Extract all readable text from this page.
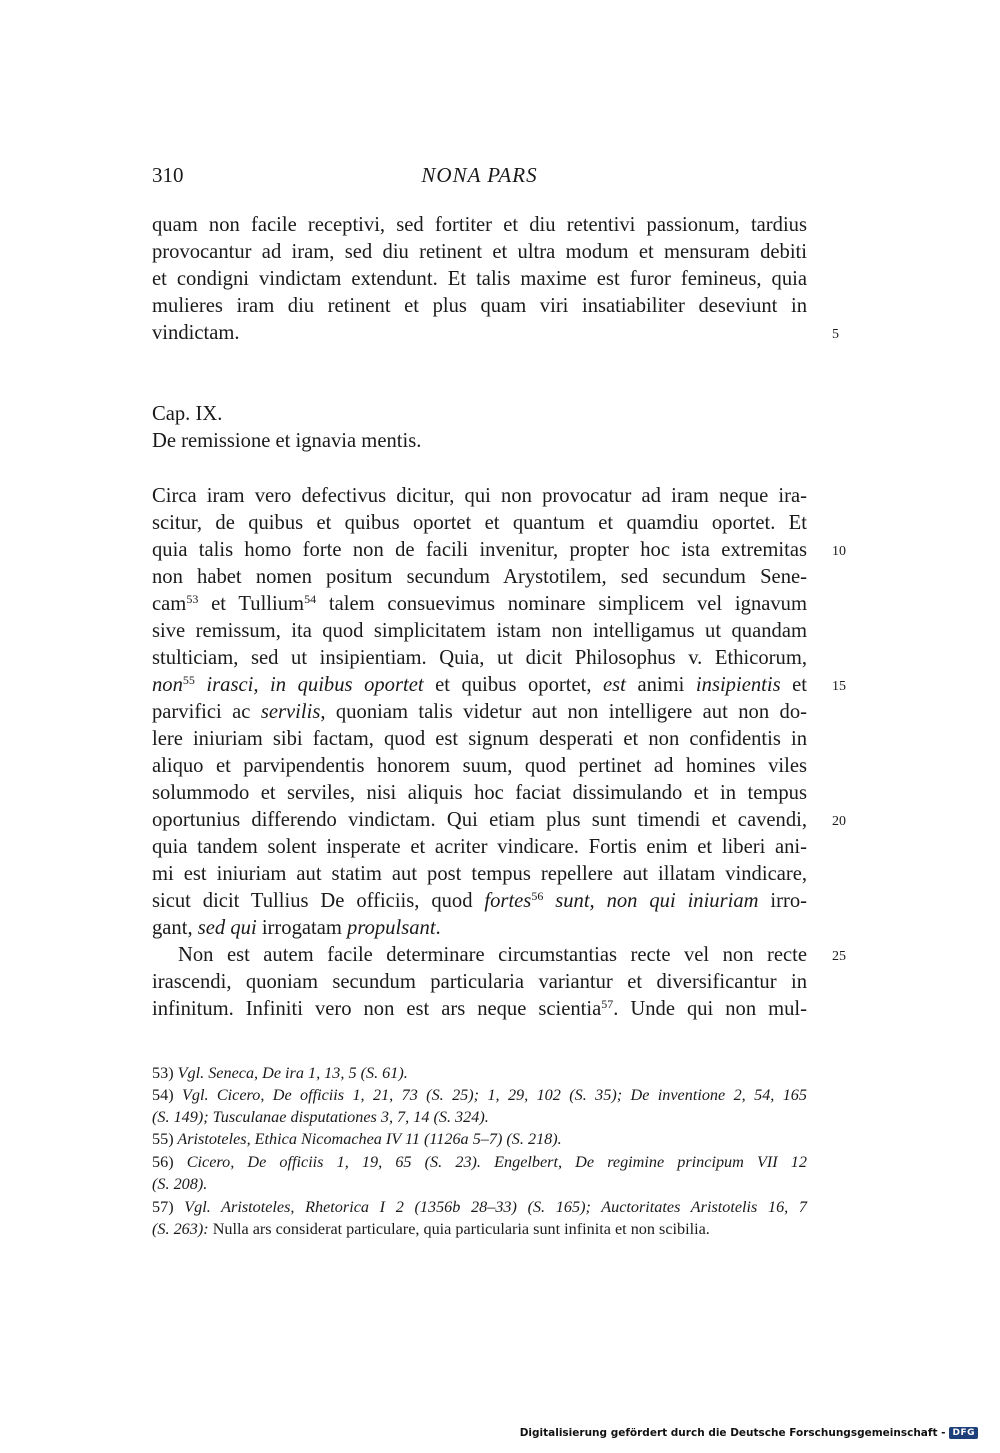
310	NONA PARS
quam non facile receptivi, sed fortiter et diu retentivi passionum, tardius
provocantur ad iram, sed diu retinent et ultra modum et mensuram debiti
et condigni vindictam extendunt. Et talis maxime est furor femineus, quia
mulieres iram diu retinent et plus quam viri insatiabiliter deseviunt in
vindictam.
Cap. IX.
De remissione et ignavia mentis.
Circa iram vero defectivus dicitur, qui non provocatur ad iram neque ira-
scitur, de quibus et quibus oportet et quantum et quamdiu oportet. Et
quia talis homo forte non de facili invenitur, propter hoc ista extremitas
non habet nomen positum secundum Arystotilem, sed secundum Sene-
cam$^{53}$ et Tullium$^{54}$ talem consuevimus nominare simplicem vel ignavum
sive remissum, ita quod simplicitatem istam non intelligamus ut quandam
stulticiam, sed ut insipientiam. Quia, ut dicit Philosophus v. Ethicorum,
non$^{55}$ irasci, in quibus oportet et quibus oportet, est animi insipientis et
parvifici ac servilis, quoniam talis videtur aut non intelligere aut non do-
lere iniuriam sibi factam, quod est signum desperati et non confidentis in
aliquo et parvipendentis honorem suum, quod pertinet ad homines viles
solummodo et serviles, nisi aliquis hoc faciat dissimulando et in tempus
oportunius differendo vindictam. Qui etiam plus sunt timendi et cavendi,
quia tandem solent insperate et acriter vindicare. Fortis enim et liberi ani-
mi est iniuriam aut statim aut post tempus repellere aut illatam vindicare,
sicut dicit Tullius De officiis, quod fortes$^{56}$ sunt, non qui iniuriam irro-
gant, sed qui irrogatam propulsant.
Non est autem facile determinare circumstantias recte vel non recte
irascendi, quoniam secundum particularia variantur et diversificantur in
infinitum. Infiniti vero non est ars neque scientia$^{57}$. Unde qui non mul-
5
10
15
20
25
53) Vgl. Seneca, De ira 1, 13, 5 (S. 61).
54) Vgl. Cicero, De officiis 1, 21, 73 (S. 25); 1, 29, 102 (S. 35); De inventione 2, 54, 165
(S. 149); Tusculanae disputationes 3, 7, 14 (S. 324).
55) Aristoteles, Ethica Nicomachea IV 11 (1126a 5–7) (S. 218).
56) Cicero, De officiis 1, 19, 65 (S. 23). Engelbert, De regimine principum VII 12
(S. 208).
57) Vgl. Aristoteles, Rhetorica I 2 (1356b 28–33) (S. 165); Auctoritates Aristotelis 16, 7
(S. 263): Nulla ars considerat particulare, quia particularia sunt infinita et non scibilia.
Digitalisierung gefördert durch die Deutsche Forschungsgemeinschaft - DFG
